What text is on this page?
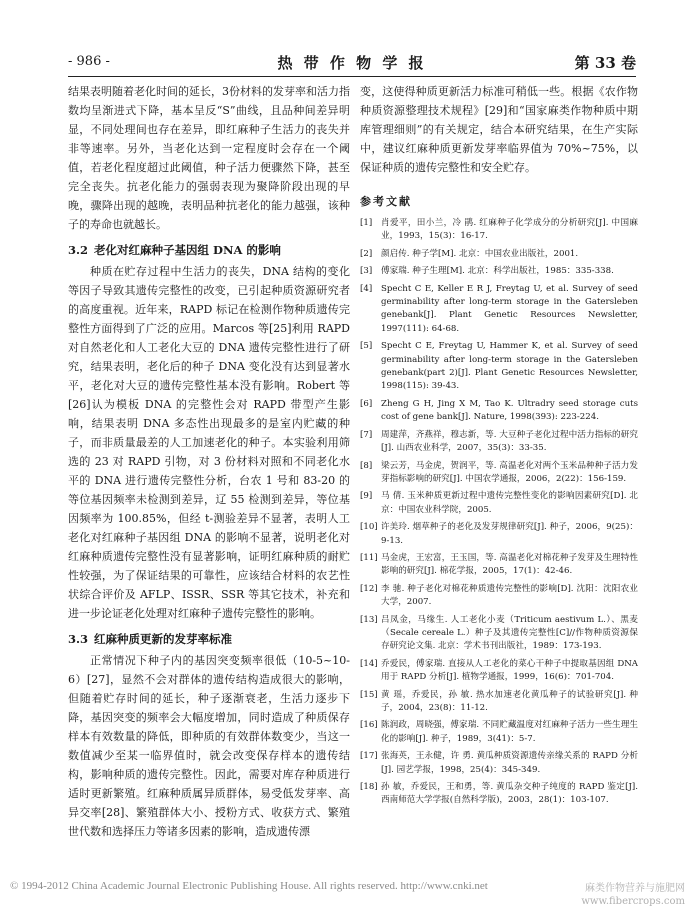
- 986 -	热 带 作 物 学 报	第 33 卷

结果表明随着老化时间的延长，3份材料的发芽率和活力指数均呈渐进式下降，基本呈反“S”曲线，且品种间差异明显，不同处理间也存在差异，即红麻种子生活力的丧失并非等速率。另外，当老化达到一定程度时会存在一个阈值，若老化程度超过此阈值，种子活力便骤然下降，甚至完全丧失。抗老化能力的强弱表现为聚降阶段出现的早晚，骤降出现的越晚，表明品种抗老化的能力越强，该种子的寿命也就越长。

3.2 老化对红麻种子基因组 DNA 的影响

种质在贮存过程中生活力的丧失，DNA 结构的变化等因子导致其遗传完整性的改变，已引起种质资源研究者的高度重视。近年来，RAPD 标记在检测作物种质遗传完整性方面得到了广泛的应用。Marcos 等[25]利用 RAPD 对自然老化和人工老化大豆的 DNA 遗传完整性进行了研究，结果表明，老化后的种子 DNA 变化没有达到显著水平，老化对大豆的遗传完整性基本没有影响。Robert 等[26]认为模板 DNA 的完整性会对 RAPD 带型产生影响，结果表明 DNA 多态性出现最多的是室内贮藏的种子，而非质量最差的人工加速老化的种子。本实验利用筛选的 23 对 RAPD 引物，对 3 份材料对照和不同老化水平的 DNA 进行遗传完整性分析，台农 1 号和 83-20 的等位基因频率未检测到差异，辽 55 检测到差异，等位基因频率为 100.85%，但经 t-测验差异不显著，表明人工老化对红麻种子基因组 DNA 的影响不显著，说明老化对红麻种质遗传完整性没有显著影响，证明红麻种质的耐贮性较强，为了保证结果的可靠性，应该结合材料的农艺性状综合评价及 AFLP、ISSR、SSR 等其它技术，补充和进一步论证老化处理对红麻种子遗传完整性的影响。

3.3 红麻种质更新的发芽率标准

正常情况下种子内的基因突变频率很低（10-5~10-6）[27]，显然不会对群体的遗传结构造成很大的影响，但随着贮存时间的延长，种子逐渐衰老，生活力逐步下降，基因突变的频率会大幅度增加，同时造成了种质保存样本有效数量的降低，即种质的有效群体数变少，当这一数值减少至某一临界值时，就会改变保存样本的遗传结构，影响种质的遗传完整性。因此，需要对库存种质进行适时更新繁殖。红麻种质属异质群体，易受低发芽率、高异交率[28]、繁殖群体大小、授粉方式、收获方式、繁殖世代数和选择压力等诸多因素的影响，造成遗传漂

变，这使得种质更新活力标准可稍低一些。根据《农作物种质资源整理技术规程》[29]和“国家麻类作物种质中期库管理细则”的有关规定，结合本研究结果，在生产实际中，建议红麻种质更新发芽率临界值为 70%~75%，以保证种质的遗传完整性和安全贮存。

参考文献
[1] 肖爱平，田小兰，冷 鹃. 红麻种子化学成分的分析研究[J]. 中国麻业，1993，15(3)：16-17.
[2] 颜启传. 种子学[M]. 北京：中国农业出版社，2001.
[3] 傅家瑞. 种子生理[M]. 北京：科学出版社，1985：335-338.
[4] Specht C E, Keller E R J, Freytag U, et al. Survey of seed germinability after long-term storage in the Gatersleben genebank[J]. Plant Genetic Resources Newsletter, 1997(111): 64-68.
[5] Specht C E, Freytag U, Hammer K, et al. Survey of seed germinability after long-term storage in the Gatersleben genebank(part 2)[J]. Plant Genetic Resources Newsletter, 1998(115): 39-43.
[6] Zheng G H, Jing X M, Tao K. Ultradry seed storage cuts cost of gene bank[J]. Nature, 1998(393): 223-224.
[7] 周建萍，齐燕祥，穆志新，等. 大豆种子老化过程中活力指标的研究[J]. 山西农业科学，2007，35(3)：33-35.
[8] 梁云芳，马金虎，贺润平，等. 高温老化对两个玉米品种种子活力发芽指标影响的研究[J]. 中国农学通报，2006，2(22)：156-159.
[9] 马 倩. 玉米种质更新过程中遗传完整性变化的影响因素研究[D]. 北京：中国农业科学院，2005.
[10] 许美玲. 烟草种子的老化及发芽规律研究[J]. 种子，2006，9(25)：9-13.
[11] 马金虎，王宏富，王玉国，等. 高温老化对棉花种子发芽及生理特性影响的研究[J]. 棉花学报，2005，17(1)：42-46.
[12] 李 驰. 种子老化对棉花种质遗传完整性的影响[D]. 沈阳：沈阳农业大学，2007.
[13] 吕凤金，马缘生. 人工老化小麦（Triticum aestivum L.）、黑麦（Secale cereale L.）种子及其遗传完整性[C]//作物种质资源保存研究论文集. 北京：学术书刊出版社，1989：173-193.
[14] 乔爱民，傅家瑞. 直接从人工老化的菜心干种子中提取基因组 DNA 用于 RAPD 分析[J]. 植物学通报，1999，16(6)：701-704.
[15] 黄 瑶，乔爱民，孙 敏. 热水加速老化黄瓜种子的试验研究[J]. 种子，2004，23(8)：11-12.
[16] 陈润政，周晓强，傅家瑞. 不同贮藏温度对红麻种子活力一些生理生化的影响[J]. 种子，1989，3(41)：5-7.
[17] 张海英，王永健，许 勇. 黄瓜种质资源遗传亲缘关系的 RAPD 分析[J]. 园艺学报，1998，25(4)：345-349.
[18] 孙 敏，乔爱民，王和勇，等. 黄瓜杂交种子纯度的 RAPD 鉴定[J]. 西南师范大学学报(自然科学版)，2003，28(1)：103-107.
© 1994-2012 China Academic Journal Electronic Publishing House. All rights reserved. http://www.cnki.net	麻类作物营养与施肥网
www.fibercrops.com
